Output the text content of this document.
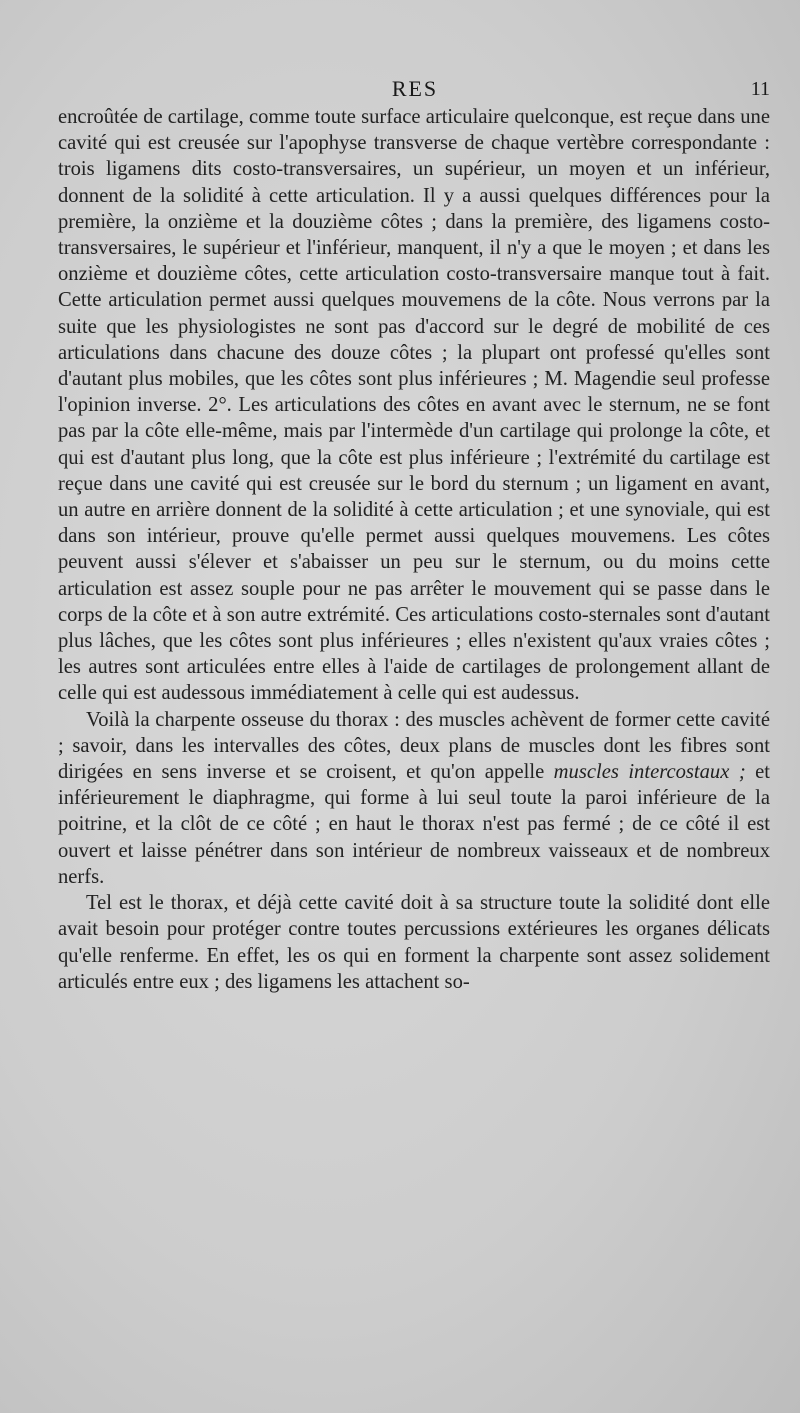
RES	11

encroûtée de cartilage, comme toute surface articulaire quelconque, est reçue dans une cavité qui est creusée sur l'apophyse transverse de chaque vertèbre correspondante : trois ligamens dits costo-transversaires, un supérieur, un moyen et un inférieur, donnent de la solidité à cette articulation. Il y a aussi quelques différences pour la première, la onzième et la douzième côtes ; dans la première, des ligamens costo-transversaires, le supérieur et l'inférieur, manquent, il n'y a que le moyen ; et dans les onzième et douzième côtes, cette articulation costo-transversaire manque tout à fait. Cette articulation permet aussi quelques mouvemens de la côte. Nous verrons par la suite que les physiologistes ne sont pas d'accord sur le degré de mobilité de ces articulations dans chacune des douze côtes ; la plupart ont professé qu'elles sont d'autant plus mobiles, que les côtes sont plus inférieures ; M. Magendie seul professe l'opinion inverse. 2°. Les articulations des côtes en avant avec le sternum, ne se font pas par la côte elle-même, mais par l'intermède d'un cartilage qui prolonge la côte, et qui est d'autant plus long, que la côte est plus inférieure ; l'extrémité du cartilage est reçue dans une cavité qui est creusée sur le bord du sternum ; un ligament en avant, un autre en arrière donnent de la solidité à cette articulation ; et une synoviale, qui est dans son intérieur, prouve qu'elle permet aussi quelques mouvemens. Les côtes peuvent aussi s'élever et s'abaisser un peu sur le sternum, ou du moins cette articulation est assez souple pour ne pas arrêter le mouvement qui se passe dans le corps de la côte et à son autre extrémité. Ces articulations costo-sternales sont d'autant plus lâches, que les côtes sont plus inférieures ; elles n'existent qu'aux vraies côtes ; les autres sont articulées entre elles à l'aide de cartilages de prolongement allant de celle qui est audessous immédiatement à celle qui est audessus.

Voilà la charpente osseuse du thorax : des muscles achèvent de former cette cavité ; savoir, dans les intervalles des côtes, deux plans de muscles dont les fibres sont dirigées en sens inverse et se croisent, et qu'on appelle muscles intercostaux ; et inférieurement le diaphragme, qui forme à lui seul toute la paroi inférieure de la poitrine, et la clôt de ce côté ; en haut le thorax n'est pas fermé ; de ce côté il est ouvert et laisse pénétrer dans son intérieur de nombreux vaisseaux et de nombreux nerfs.

Tel est le thorax, et déjà cette cavité doit à sa structure toute la solidité dont elle avait besoin pour protéger contre toutes percussions extérieures les organes délicats qu'elle renferme. En effet, les os qui en forment la charpente sont assez solidement articulés entre eux ; des ligamens les attachent so-
